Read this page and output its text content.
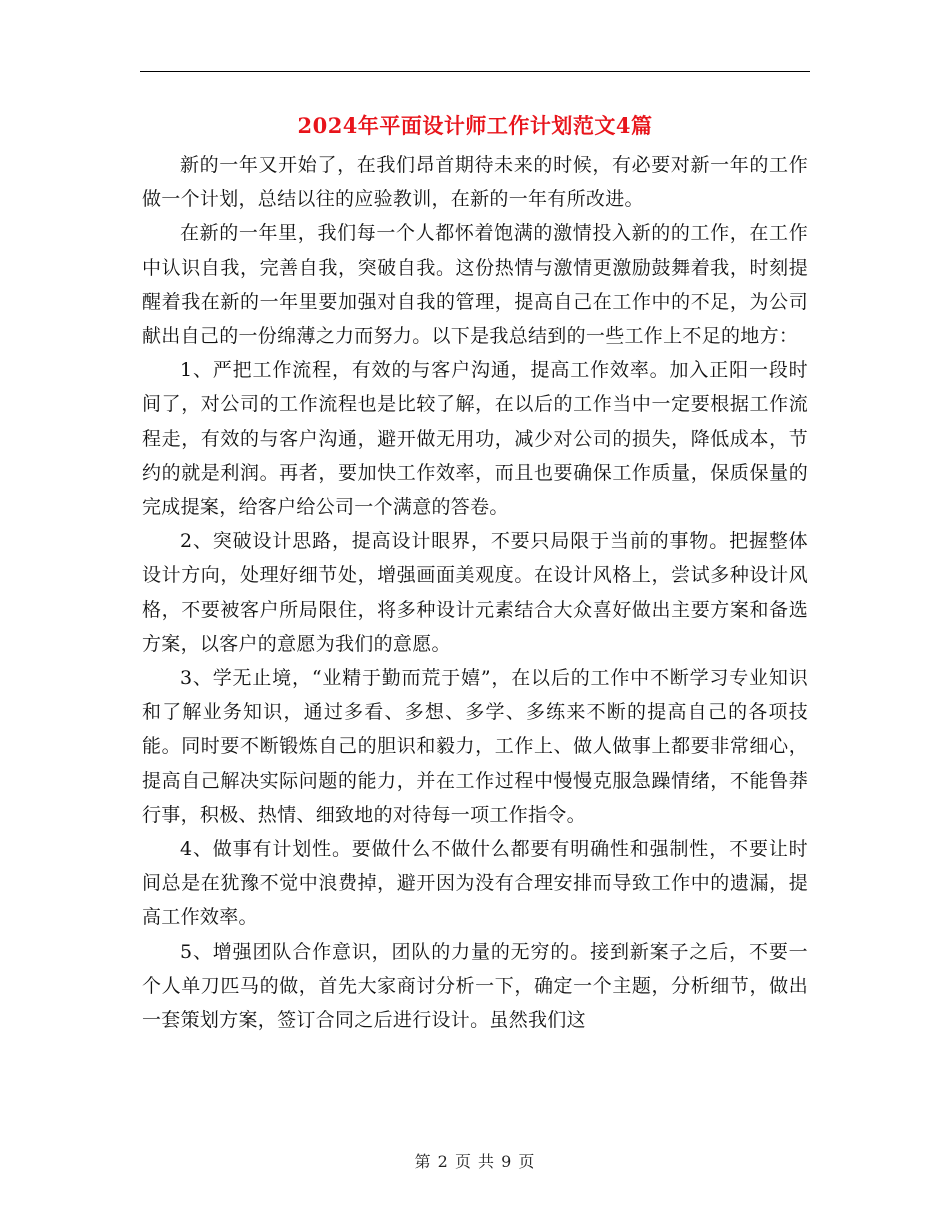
2024年平面设计师工作计划范文4篇

新的一年又开始了，在我们昂首期待未来的时候，有必要对新一年的工作做一个计划，总结以往的应验教训，在新的一年有所改进。

在新的一年里，我们每一个人都怀着饱满的激情投入新的的工作，在工作中认识自我，完善自我，突破自我。这份热情与激情更激励鼓舞着我，时刻提醒着我在新的一年里要加强对自我的管理，提高自己在工作中的不足，为公司献出自己的一份绵薄之力而努力。以下是我总结到的一些工作上不足的地方：

1、严把工作流程，有效的与客户沟通，提高工作效率。加入正阳一段时间了，对公司的工作流程也是比较了解，在以后的工作当中一定要根据工作流程走，有效的与客户沟通，避开做无用功，减少对公司的损失，降低成本，节约的就是利润。再者，要加快工作效率，而且也要确保工作质量，保质保量的完成提案，给客户给公司一个满意的答卷。

2、突破设计思路，提高设计眼界，不要只局限于当前的事物。把握整体设计方向，处理好细节处，增强画面美观度。在设计风格上，尝试多种设计风格，不要被客户所局限住，将多种设计元素结合大众喜好做出主要方案和备选方案，以客户的意愿为我们的意愿。

3、学无止境，“业精于勤而荒于嬉”，在以后的工作中不断学习专业知识和了解业务知识，通过多看、多想、多学、多练来不断的提高自己的各项技能。同时要不断锻炼自己的胆识和毅力，工作上、做人做事上都要非常细心，提高自己解决实际问题的能力，并在工作过程中慢慢克服急躁情绪，不能鲁莽行事，积极、热情、细致地的对待每一项工作指令。

4、做事有计划性。要做什么不做什么都要有明确性和强制性，不要让时间总是在犹豫不觉中浪费掉，避开因为没有合理安排而导致工作中的遗漏，提高工作效率。

5、增强团队合作意识，团队的力量的无穷的。接到新案子之后，不要一个人单刀匹马的做，首先大家商讨分析一下，确定一个主题，分析细节，做出一套策划方案，签订合同之后进行设计。虽然我们这

第 2 页 共 9 页
